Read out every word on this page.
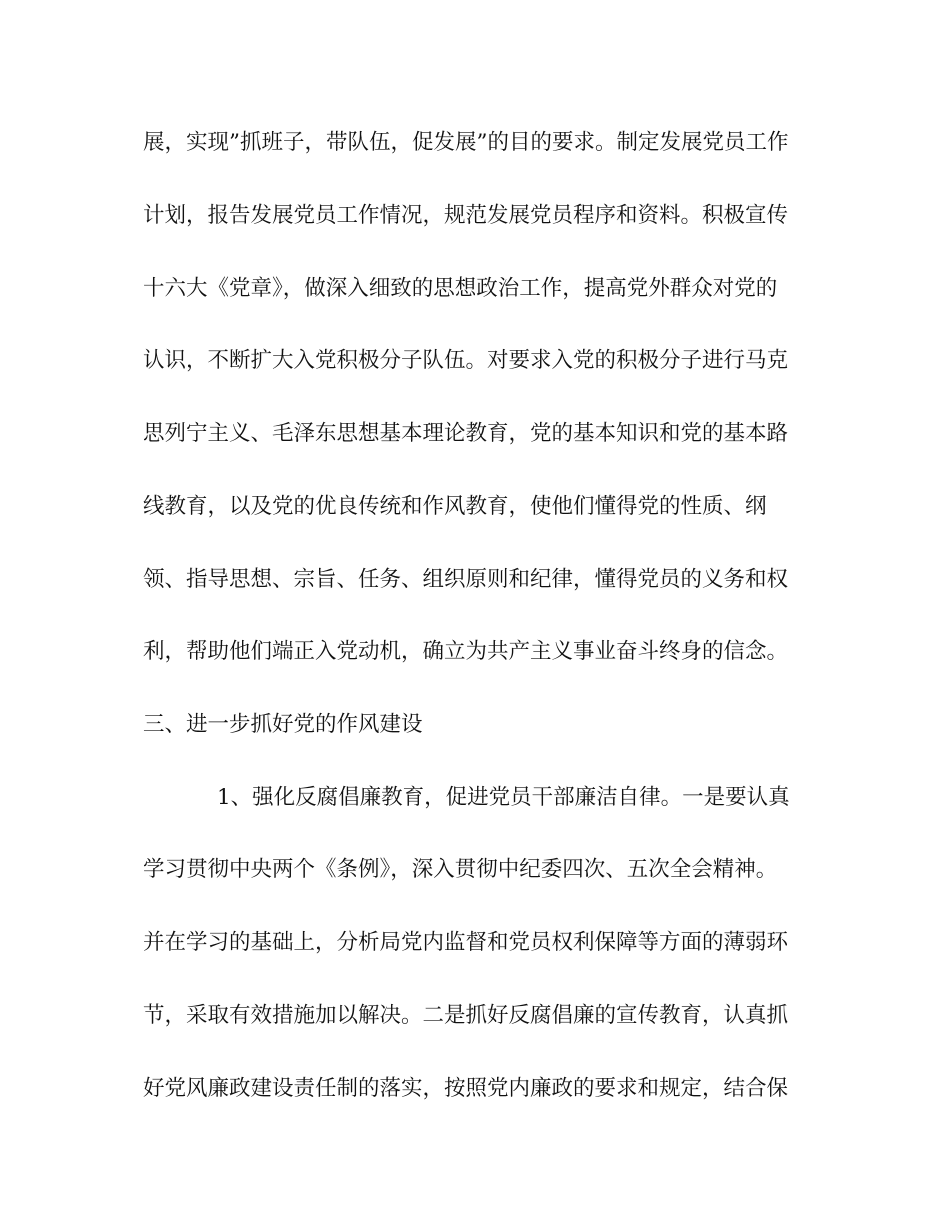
展，实现”抓班子，带队伍，促发展”的目的要求。制定发展党员工作
计划，报告发展党员工作情况，规范发展党员程序和资料。积极宣传
十六大《党章》，做深入细致的思想政治工作，提高党外群众对党的
认识，不断扩大入党积极分子队伍。对要求入党的积极分子进行马克
思列宁主义、毛泽东思想基本理论教育，党的基本知识和党的基本路
线教育，以及党的优良传统和作风教育，使他们懂得党的性质、纲
领、指导思想、宗旨、任务、组织原则和纪律，懂得党员的义务和权
利，帮助他们端正入党动机，确立为共产主义事业奋斗终身的信念。
三、进一步抓好党的作风建设
1、强化反腐倡廉教育，促进党员干部廉洁自律。一是要认真
学习贯彻中央两个《条例》，深入贯彻中纪委四次、五次全会精神。
并在学习的基础上，分析局党内监督和党员权利保障等方面的薄弱环
节，采取有效措施加以解决。二是抓好反腐倡廉的宣传教育，认真抓
好党风廉政建设责任制的落实，按照党内廉政的要求和规定，结合保
